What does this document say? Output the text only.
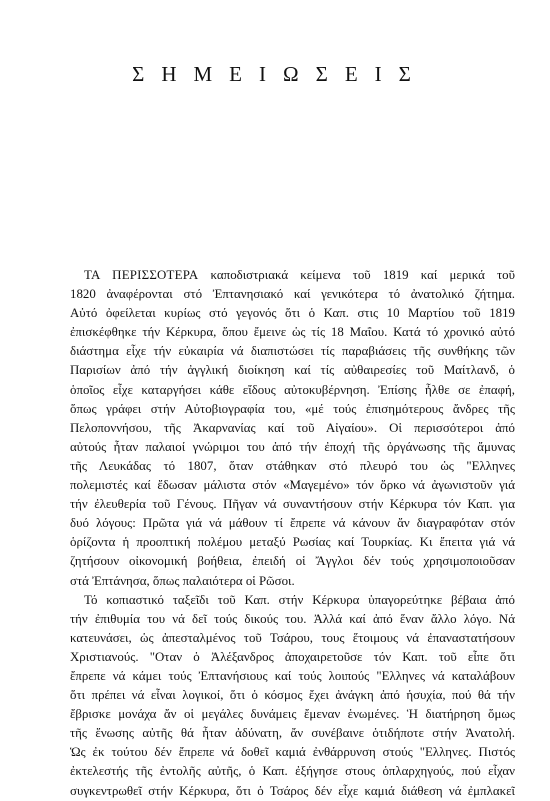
ΣΗΜΕΙΩΣΕΙΣ
ΤΑ ΠΕΡΙΣΣΟΤΕΡΑ καποδιστριακά κείμενα τοῦ 1819 καί μερικά τοῦ
1820 ἀναφέρονται στό Ἐπτανησιακό καί γενικότερα τό ἀνατολικό ζήτημα.
Αὐτό ὀφείλεται κυρίως στό γεγονός ὅτι ὁ Καπ. στις 10 Μαρτίου τοῦ 1819
ἐπισκέφθηκε τήν Κέρκυρα, ὅπου ἔμεινε ὡς τίς 18 Μαΐου. Κατά τό χρονικό αὐτό
διάστημα εἶχε τήν εὐκαιρία νά διαπιστώσει τίς παραβιάσεις τῆς συνθήκης τῶν
Παρισίων ἀπό τήν ἀγγλική διοίκηση καί τίς αὐθαιρεσίες τοῦ Μαίτλανδ, ὁ
ὁποῖος εἶχε καταργήσει κάθε εἴδους αὐτοκυβέρνηση. Ἐπίσης ἦλθε σε ἐπαφή,
ὅπως γράφει στήν Αὐτοβιογραφία του, «μέ τούς ἐπισημότερους ἄνδρες τῆς
Πελοποννήσου, τῆς Ἀκαρνανίας καί τοῦ Αἰγαίου». Οἱ περισσότεροι ἀπό
αὐτούς ἦταν παλαιοί γνώριμοι του ἀπό τήν ἐποχή τῆς ὀργάνωσης τῆς ἄμυνας
τῆς Λευκάδας τό 1807, ὅταν στάθηκαν στό πλευρό του ὡς "Ελληνες
πολεμιστές καί ἔδωσαν μάλιστα στόν «Μαγεμένο» τόν ὅρκο νά ἀγωνιστοῦν γιά
τήν ἐλευθερία τοῦ Γένους. Πῆγαν νά συναντήσουν στήν Κέρκυρα τόν Καπ. για
δυό λόγους: Πρῶτα γιά νά μάθουν τί ἔπρεπε νά κάνουν ἄν διαγραφόταν στόν
ὁρίζοντα ἡ προοπτική πολέμου μεταξύ Ρωσίας καί Τουρκίας. Κι ἔπειτα γιά νά
ζητήσουν οἰκονομική βοήθεια, ἐπειδή οἱ Ἄγγλοι δέν τούς χρησιμοποιοῦσαν
στά Ἐπτάνησα, ὅπως παλαιότερα οἱ Ρῶσοι.
Τό κοπιαστικό ταξεῖδι τοῦ Καπ. στήν Κέρκυρα ὑπαγορεύτηκε βέβαια ἀπό
τήν ἐπιθυμία του νά δεῖ τούς δικούς του. Ἀλλά καί ἀπό ἕναν ἄλλο λόγο. Νά
κατευνάσει, ὡς ἀπεσταλμένος τοῦ Τσάρου, τους ἕτοιμους νά ἐπαναστατήσουν
Χριστιανούς. "Οταν ὁ Ἀλέξανδρος ἀποχαιρετοῦσε τόν Καπ. τοῦ εἶπε ὅτι
ἔπρεπε νά κάμει τούς Ἐπτανήσιους καί τούς λοιπούς "Ελληνες νά καταλάβουν
ὅτι πρέπει νά εἶναι λογικοί, ὅτι ὁ κόσμος ἔχει ἀνάγκη ἀπό ἡσυχία, πού θά τήν
ἔβρισκε μονάχα ἄν οἱ μεγάλες δυνάμεις ἔμεναν ἑνωμένες. Ἡ διατήρηση ὅμως
τῆς ἕνωσης αὐτῆς θά ἦταν ἀδύνατη, ἄν συνέβαινε ὁτιδήποτε στήν Ἀνατολή.
Ὡς ἐκ τούτου δέν ἔπρεπε νά δοθεῖ καμιά ἐνθάρρυνση στούς "Ελληνες. Πιστός
ἐκτελεστής τῆς ἐντολῆς αὐτῆς, ὁ Καπ. ἐξήγησε στους ὁπλαρχηγούς, πού εἶχαν
συγκεντρωθεῖ στήν Κέρκυρα, ὅτι ὁ Τσάρος δέν εἶχε καμιά διάθεση νά ἐμπλακεῖ
